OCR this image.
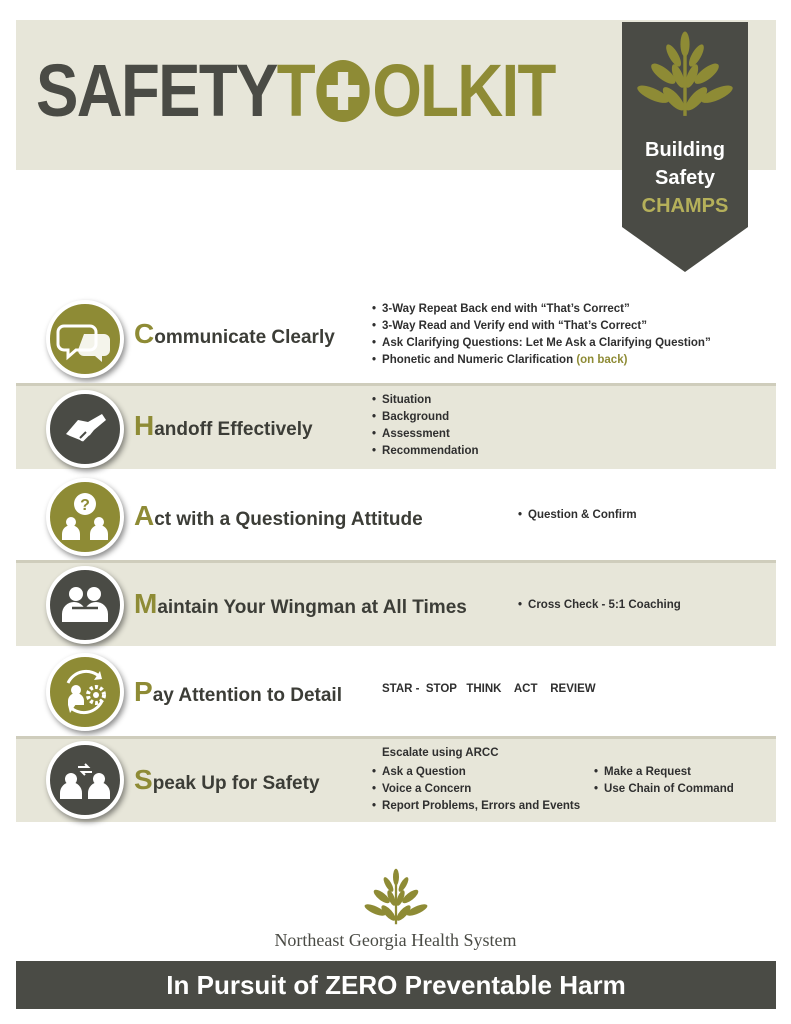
SAFETYT OLKIT
Building
Safety
CHAMPS
Communicate Clearly
• 3-Way Repeat Back end with “That’s Correct”
• 3-Way Read and Verify end with “That’s Correct”
• Ask Clarifying Questions: Let Me Ask a Clarifying Question”
• Phonetic and Numeric Clarification (on back)
Handoff Effectively
• Situation
• Background
• Assessment
• Recommendation
? Act with a Questioning Attitude	• Question & Confirm
Maintain Your Wingman at All Times	• Cross Check - 5:1 Coaching
Pay Attention to Detail	STAR -  STOP   THINK    ACT    REVIEW
Speak Up for Safety
Escalate using ARCC
• Ask a Question
• Voice a Concern
• Report Problems, Errors and Events
• Make a Request
• Use Chain of Command
Northeast Georgia Health System
In Pursuit of ZERO Preventable Harm
